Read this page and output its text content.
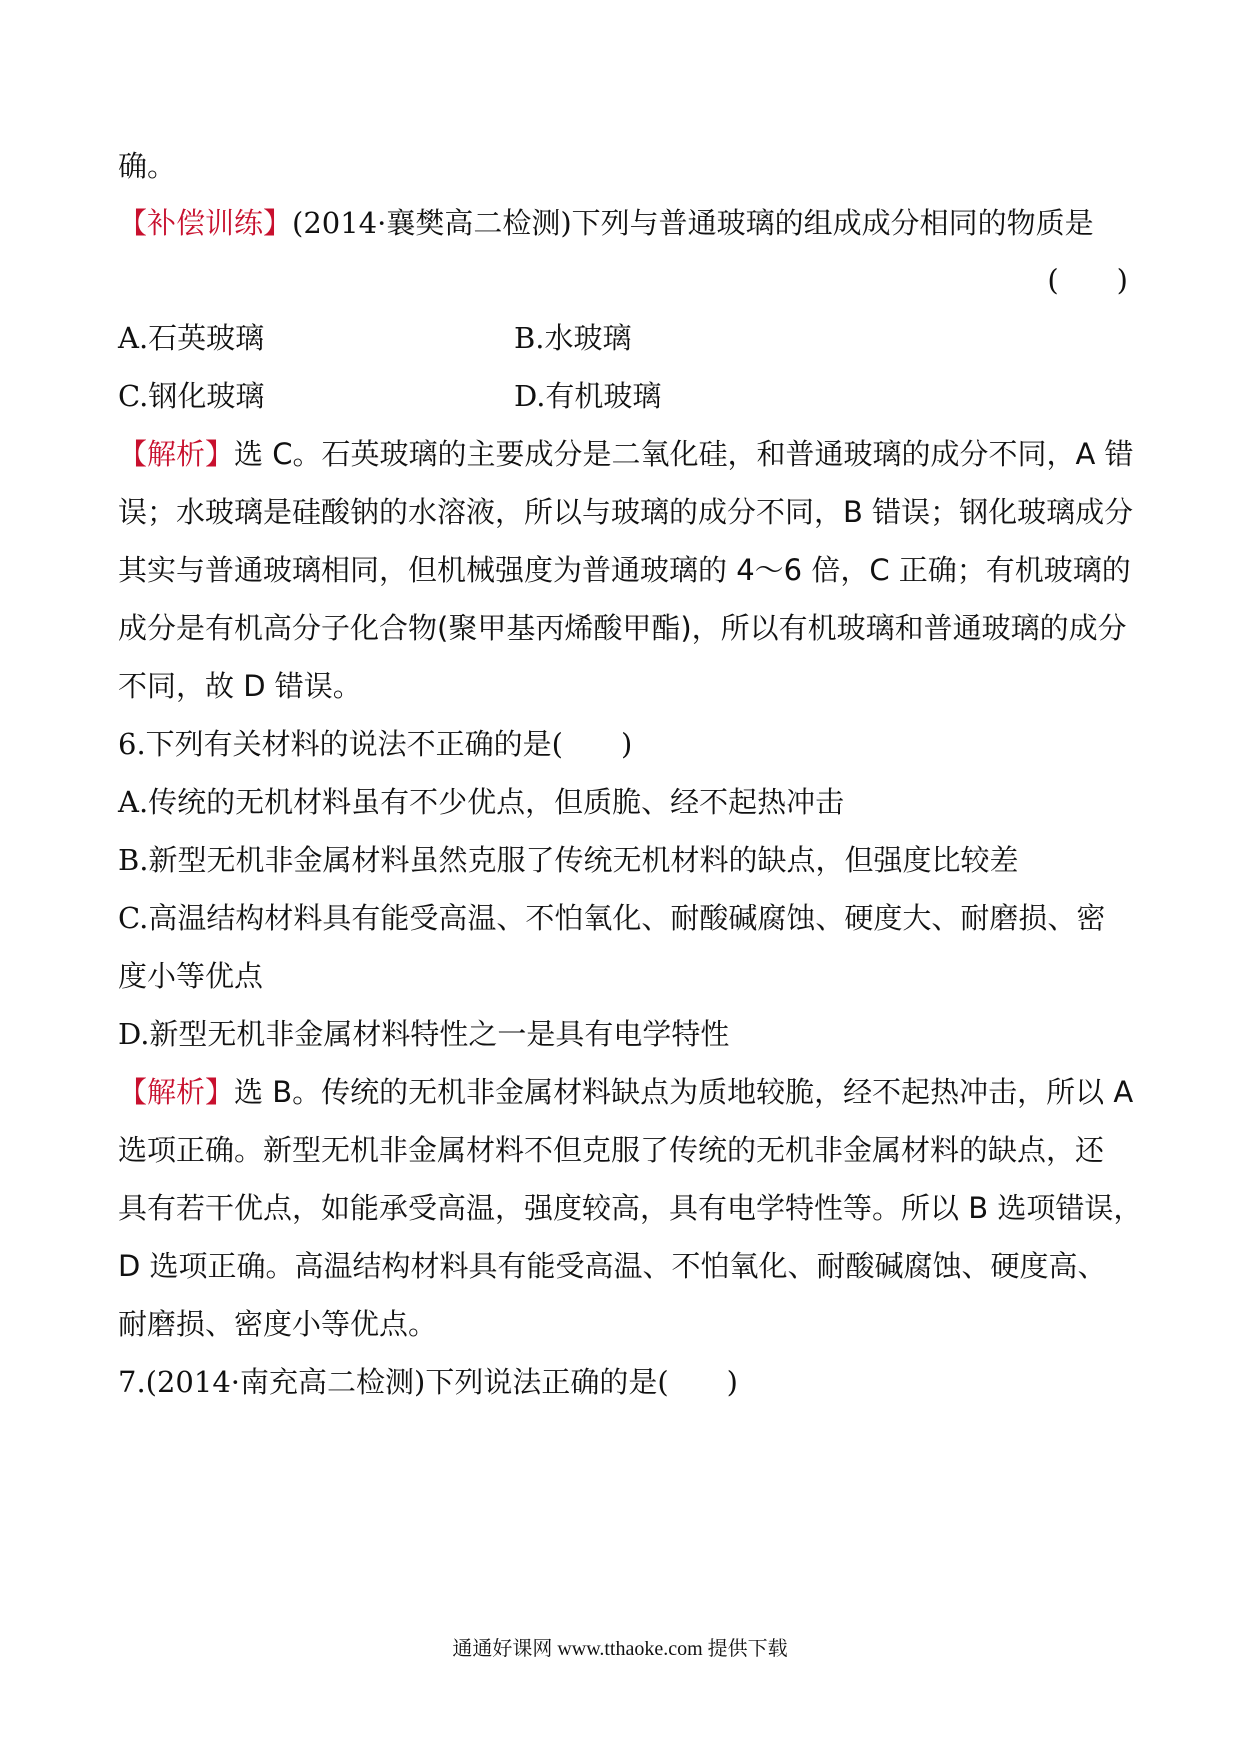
确。
【补偿训练】(2014·襄樊高二检测)下列与普通玻璃的组成成分相同的物质是
(　　)
A.石英玻璃	B.水玻璃
C.钢化玻璃	D.有机玻璃
【解析】选 C。石英玻璃的主要成分是二氧化硅，和普通玻璃的成分不同，A 错
误；水玻璃是硅酸钠的水溶液，所以与玻璃的成分不同，B 错误；钢化玻璃成分
其实与普通玻璃相同，但机械强度为普通玻璃的 4～6 倍，C 正确；有机玻璃的
成分是有机高分子化合物(聚甲基丙烯酸甲酯)，所以有机玻璃和普通玻璃的成分
不同，故 D 错误。
6.下列有关材料的说法不正确的是(　　)
A.传统的无机材料虽有不少优点，但质脆、经不起热冲击
B.新型无机非金属材料虽然克服了传统无机材料的缺点，但强度比较差
C.高温结构材料具有能受高温、不怕氧化、耐酸碱腐蚀、硬度大、耐磨损、密
度小等优点
D.新型无机非金属材料特性之一是具有电学特性
【解析】选 B。传统的无机非金属材料缺点为质地较脆，经不起热冲击，所以 A
选项正确。新型无机非金属材料不但克服了传统的无机非金属材料的缺点，还
具有若干优点，如能承受高温，强度较高，具有电学特性等。所以 B 选项错误，
D 选项正确。高温结构材料具有能受高温、不怕氧化、耐酸碱腐蚀、硬度高、
耐磨损、密度小等优点。
7.(2014·南充高二检测)下列说法正确的是(　　)
通通好课网 www.tthaoke.com 提供下载
